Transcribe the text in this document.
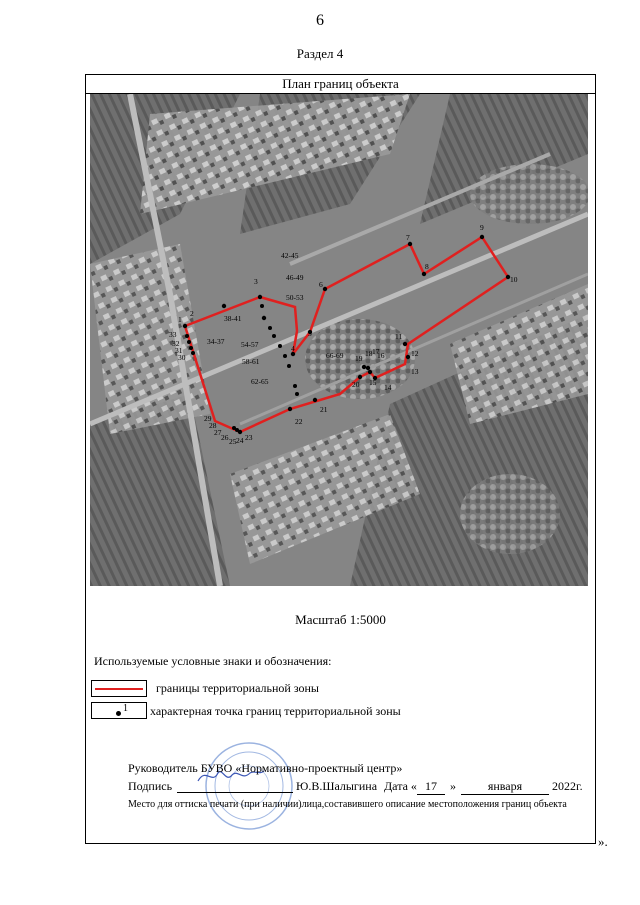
6
Раздел 4
План границ объекта
1
2
3
4
5
6
7
8
9
10
11
12
13
14
15
16
17
18
19
20
21
22
23
24
25
26
27
28
29
30
31
32
33
34-37
38-41
42-45
46-49
50-53
54-57
58-61
62-65
66-69
Масштаб 1:5000
Используемые условные знаки и обозначения:
границы территориальной зоны
1 характерная точка границ территориальной зоны
Руководитель БУВО «Нормативно-проектный центр»
Подпись	Ю.В.Шалыгина Дата « 17	»	января	2022г.
Место для оттиска печати (при наличии)лица,составившего описание местоположения границ объекта
».
